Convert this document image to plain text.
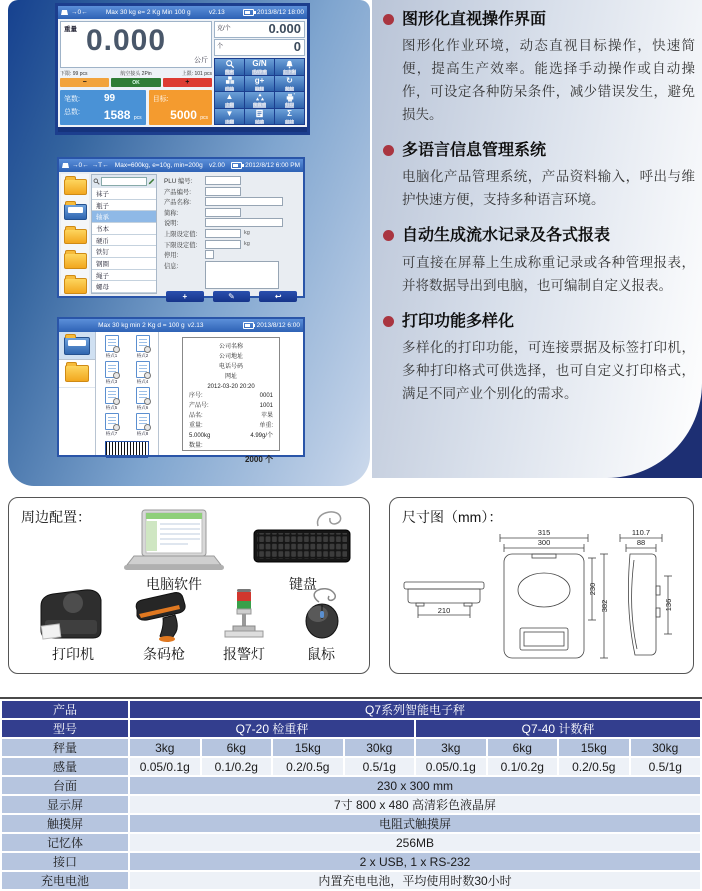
→0←	Max 30 kg e= 2 Kg Min 100 g	v2.13	2013/8/12 18:00
重量 0.000
公斤
下限: 99 pcs	航空接头 2Pin	上限: 101 pcs
−	OK	+
笔数: 99
总数: 1588 pcs
目标:
5000 pcs
克/个	0.000
个	0
搜索
G/N
毛/净重	上下限
产品
g+
取样
↻
复位
▲
上翻	预置重	打印
▼
下翻	记录
Σ
总计
→0← →T← Max=600kg, e=10g, min=200g v2.00	2012/8/12 6:00 PM
袜子
瓶子
轴承
书本
硬币
铁钉
钢圈
绳子
螺母
PLU 编号:
产品编号:
产品名称:
简称:
说明:
上限设定值:	kg
下限设定值:	kg
停用:
信息:
+	✎	↩
Max 30 kg min 2 Kg d = 100 g v2.13	2013/8/12 6:00
格式1	格式2
格式3	格式4
格式5	格式6
格式7	格式8
公司名称
公司地址
电话号码
网址
2012-03-20 20:20
序号:	0001
产品号:	1001
品名:	苹果
重量:	单重:
5.000kg	4.99g/个
数量:
2000 个
图形化直视操作界面
图形化作业环境，动态直视目标操作，快速简便，提高生产效率。能选择手动操作或自动操作，可设定各种防呆条件，减少错误发生，避免损失。
多语言信息管理系统
电脑化产品管理系统，产品资料输入，呼出与维护快速方便，支持多种语言环境。
自动生成流水记录及各式报表
可直接在屏幕上生成称重记录或各种管理报表，并将数据导出到电脑，也可编制自定义报表。
打印功能多样化
多样化的打印功能，可连接票据及标签打印机，多种打印格式可供选择，也可自定义打印格式，满足不同产业个别化的需求。
周边配置：
电脑软件	键盘
打印机	条码枪	报警灯	鼠标
尺寸图（mm）：
210
315
300
230
382
110.7
88
136
产品	Q7系列智能电子秤							
型号	Q7-20 检重秤				Q7-40 计数秤			
秤量	3kg	6kg	15kg	30kg	3kg	6kg	15kg	30kg
感量	0.05/0.1g	0.1/0.2g	0.2/0.5g	0.5/1g	0.05/0.1g	0.1/0.2g	0.2/0.5g	0.5/1g
台面	230 x 300 mm							
显示屏	7寸 800 x 480 高清彩色液晶屏							
触摸屏	电阻式触摸屏							
记忆体	256MB							
接口	2 x USB, 1 x RS-232							
充电电池	内置充电电池，平均使用时数30小时							
